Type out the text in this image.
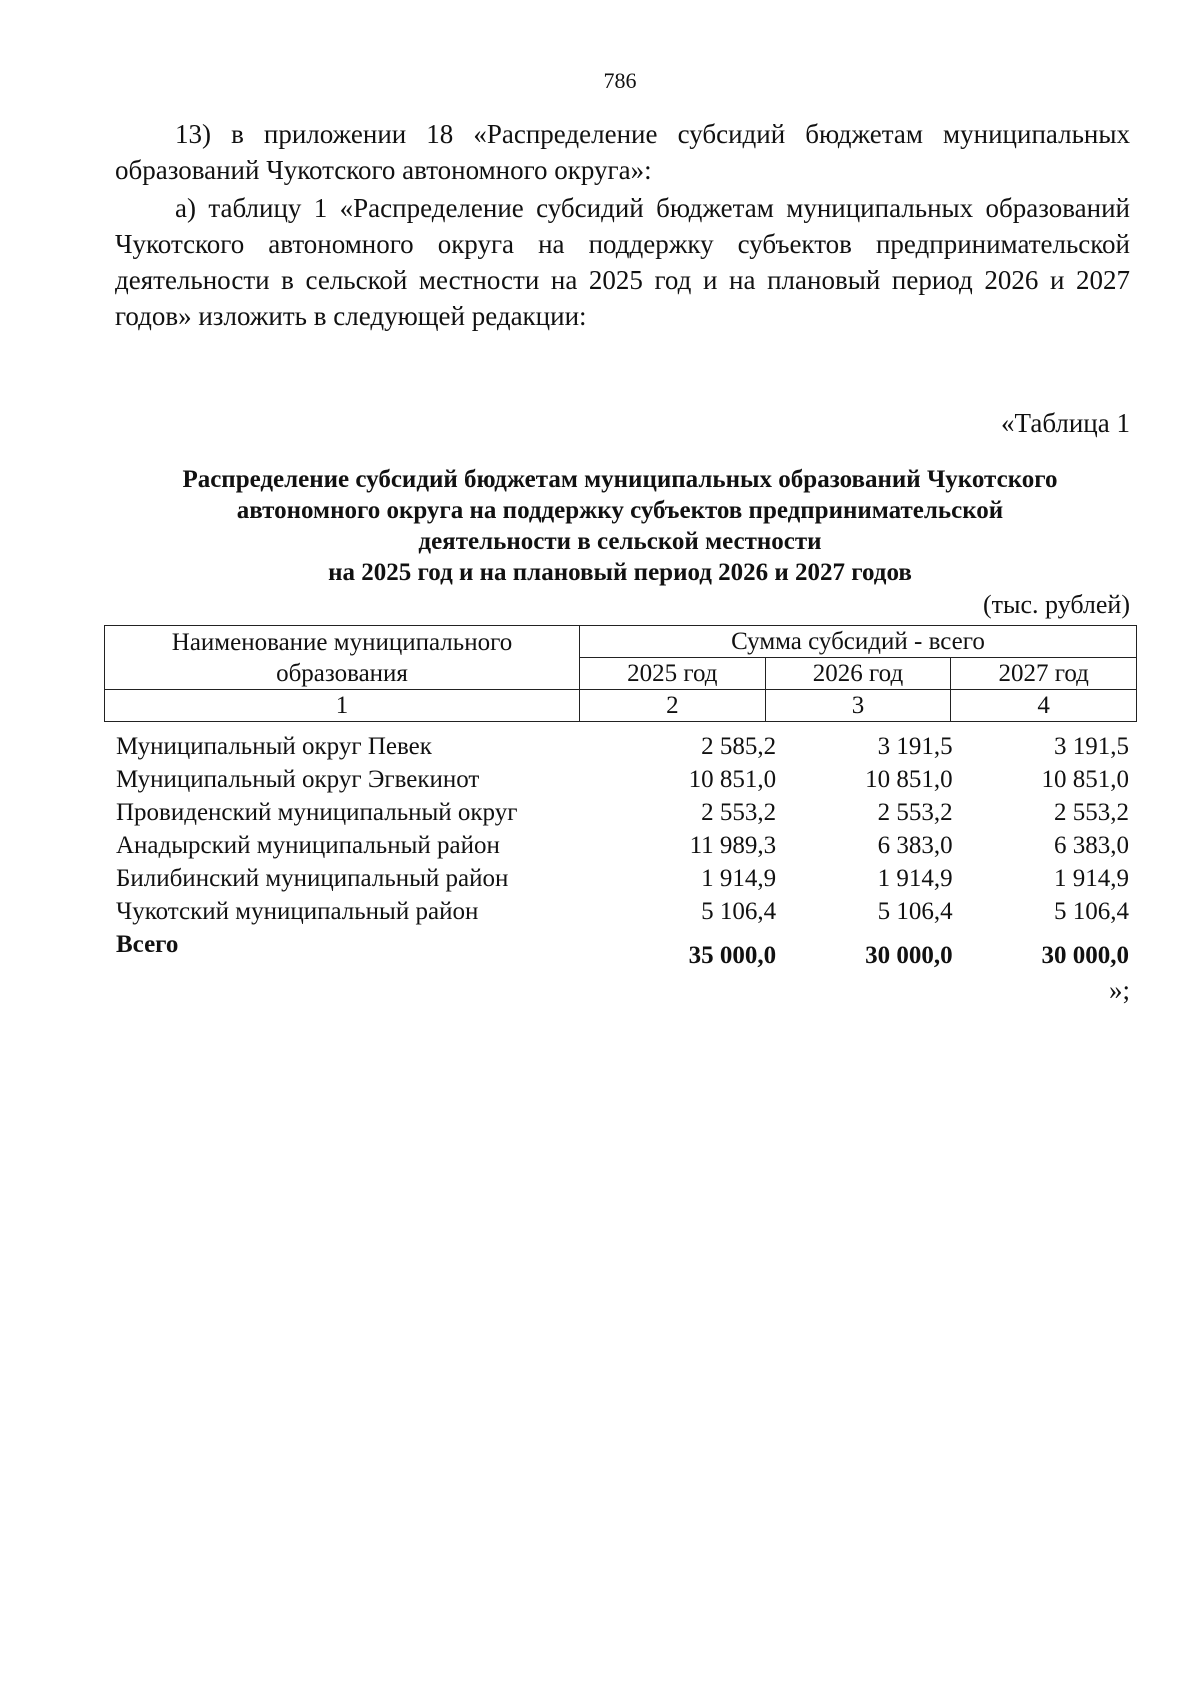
786
13) в приложении 18 «Распределение субсидий бюджетам муниципальных образований Чукотского автономного округа»:
а) таблицу 1 «Распределение субсидий бюджетам муниципальных образований Чукотского автономного округа на поддержку субъектов предпринимательской деятельности в сельской местности на 2025 год и на плановый период 2026 и 2027 годов» изложить в следующей редакции:
«Таблица 1
Распределение субсидий бюджетам муниципальных образований Чукотского
автономного округа на поддержку субъектов предпринимательской
деятельности в сельской местности
на 2025 год и на плановый период 2026 и 2027 годов
(тыс. рублей)
Наименование муниципального образования	Сумма субсидий - всего		
	2025 год	2026 год	2027 год
1	2	3	4
Муниципальный округ Певек	2 585,2	3 191,5	3 191,5
Муниципальный округ Эгвекинот	10 851,0	10 851,0	10 851,0
Провиденский муниципальный округ	2 553,2	2 553,2	2 553,2
Анадырский муниципальный район	11 989,3	6 383,0	6 383,0
Билибинский муниципальный район	1 914,9	1 914,9	1 914,9
Чукотский муниципальный район	5 106,4	5 106,4	5 106,4
Всего	35 000,0	30 000,0	30 000,0
»;
